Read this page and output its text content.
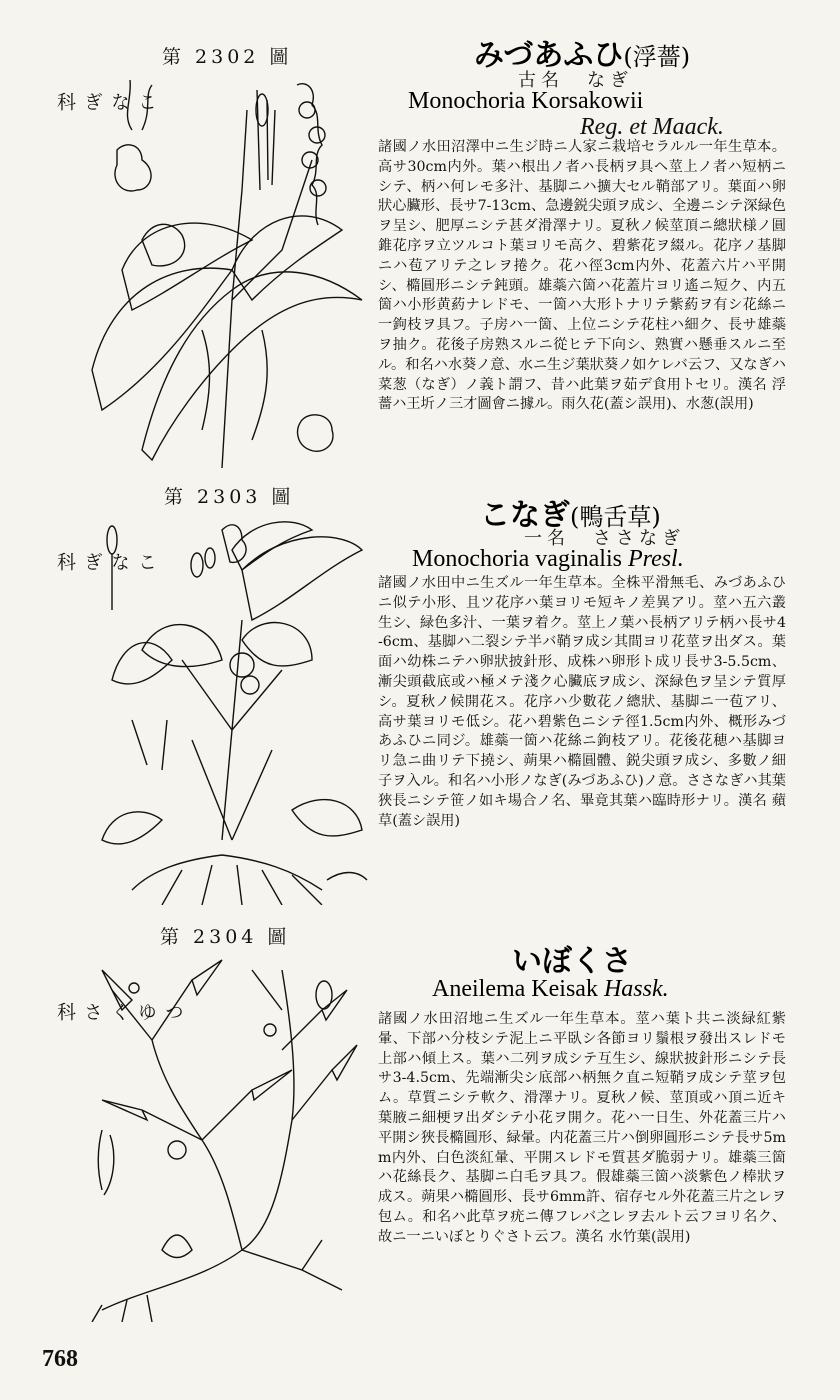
第 2302 圖
こなぎ科
みづあふひ(浮薔)
古名　なぎ
Monochoria Korsakowii
Reg. et Maack.
諸國ノ水田沼澤中ニ生ジ時ニ人家ニ栽培セラルル一年生草本。高サ30cm内外。葉ハ根出ノ者ハ長柄ヲ具ヘ莖上ノ者ハ短柄ニシテ、柄ハ何レモ多汁、基脚ニハ擴大セル鞘部アリ。葉面ハ卵狀心臟形、長サ7-13cm、急邊鋭尖頭ヲ成シ、全邊ニシテ深緑色ヲ呈シ、肥厚ニシテ甚ダ滑澤ナリ。夏秋ノ候莖頂ニ總狀様ノ圓錐花序ヲ立ツルコト葉ヨリモ高ク、碧紫花ヲ綴ル。花序ノ基脚ニハ苞アリテ之レヲ捲ク。花ハ徑3cm内外、花蓋六片ハ平開シ、橢圓形ニシテ鈍頭。雄蘂六箇ハ花蓋片ヨリ遙ニ短ク、内五箇ハ小形黄葯ナレドモ、一箇ハ大形トナリテ紫葯ヲ有シ花絲ニ一鉤枝ヲ具フ。子房ハ一箇、上位ニシテ花柱ハ細ク、長サ雄蘂ヲ抽ク。花後子房熟スルニ從ヒテ下向シ、熟實ハ懸垂スルニ至ル。和名ハ水葵ノ意、水ニ生ジ葉狀葵ノ如ケレバ云フ、又なぎハ菜葱（なぎ）ノ義ト謂フ、昔ハ此葉ヲ茹デ食用トセリ。漢名 浮薔ハ王圻ノ三才圖會ニ據ル。雨久花(蓋シ誤用)、水葱(誤用)
第 2303 圖
こなぎ科
こなぎ(鴨舌草)
一名　ささなぎ
Monochoria vaginalis Presl.
諸國ノ水田中ニ生ズル一年生草本。全株平滑無毛、みづあふひニ似テ小形、且ツ花序ハ葉ヨリモ短キノ差異アリ。莖ハ五六叢生シ、緑色多汁、一葉ヲ着ク。莖上ノ葉ハ長柄アリテ柄ハ長サ4-6cm、基脚ハ二裂シテ半バ鞘ヲ成シ其間ヨリ花莖ヲ出ダス。葉面ハ幼株ニテハ卵狀披針形、成株ハ卵形ト成リ長サ3-5.5cm、漸尖頭截底或ハ極メテ淺ク心臟底ヲ成シ、深緑色ヲ呈シテ質厚シ。夏秋ノ候開花ス。花序ハ少數花ノ總狀、基脚ニ一苞アリ、高サ葉ヨリモ低シ。花ハ碧紫色ニシテ徑1.5cm内外、概形みづあふひニ同ジ。雄蘂一箇ハ花絲ニ鉤枝アリ。花後花穂ハ基脚ヨリ急ニ曲リテ下撓シ、蒴果ハ橢圓體、鋭尖頭ヲ成シ、多數ノ細子ヲ入ル。和名ハ小形ノなぎ(みづあふひ)ノ意。ささなぎハ其葉狹長ニシテ笹ノ如キ場合ノ名、畢竟其葉ハ臨時形ナリ。漢名 蘋草(蓋シ誤用)
第 2304 圖
つゆくさ科
いぼくさ
Aneilema Keisak Hassk.
諸國ノ水田沼地ニ生ズル一年生草本。莖ハ葉ト共ニ淡緑紅紫暈、下部ハ分枝シテ泥上ニ平臥シ各節ヨリ鬚根ヲ發出スレドモ上部ハ傾上ス。葉ハ二列ヲ成シテ互生シ、線狀披針形ニシテ長サ3-4.5cm、先端漸尖シ底部ハ柄無ク直ニ短鞘ヲ成シテ莖ヲ包ム。草質ニシテ軟ク、滑澤ナリ。夏秋ノ候、莖頂或ハ頂ニ近キ葉腋ニ細梗ヲ出ダシテ小花ヲ開ク。花ハ一日生、外花蓋三片ハ平開シ狹長橢圓形、緑暈。内花蓋三片ハ倒卵圓形ニシテ長サ5mm内外、白色淡紅暈、平開スレドモ質甚ダ脆弱ナリ。雄蘂三箇ハ花絲長ク、基脚ニ白毛ヲ具フ。假雄蘂三箇ハ淡紫色ノ棒狀ヲ成ス。蒴果ハ橢圓形、長サ6mm許、宿存セル外花蓋三片之レヲ包ム。和名ハ此草ヲ疣ニ傳フレバ之レヲ去ルト云フヨリ名ク、故ニ一ニいぼとりぐさト云フ。漢名 水竹葉(誤用)
768
